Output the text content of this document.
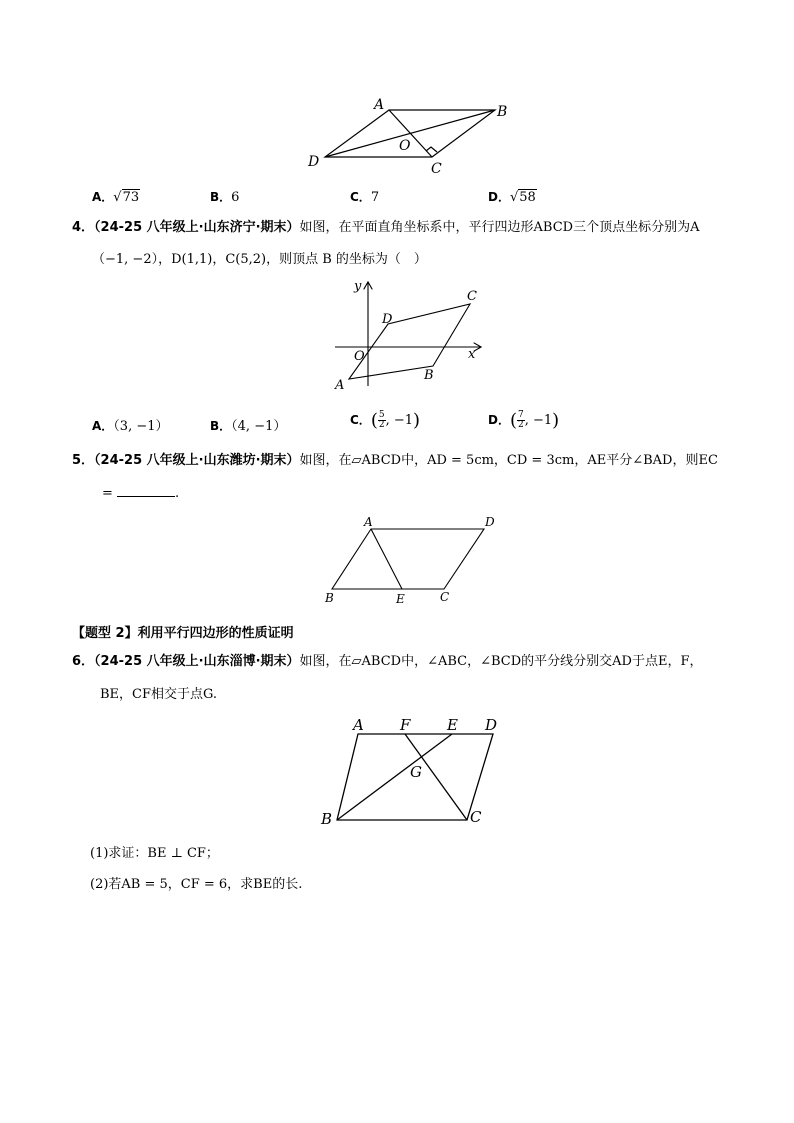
A	B
C
D
O
A．√73	B．6	C．7	D．√58
4．（24-25 八年级上·山东济宁·期末）如图，在平面直角坐标系中，平行四边形ABCD三个顶点坐标分别为A
（−1, −2），D(1,1)，C(5,2)，则顶点 B 的坐标为（　）
y
x
O
A
B
C
D
A．（3, −1）	B．（4, −1）	C．( $\frac{5}{2}$ , −1)	D．( $\frac{7}{2}$ , −1)
5．（24-25 八年级上·山东潍坊·期末）如图，在▱ABCD中，AD = 5cm，CD = 3cm，AE平分∠BAD，则EC
=	.
A	D
B	E	C
【题型 2】利用平行四边形的性质证明
6．（24-25 八年级上·山东淄博·期末）如图，在▱ABCD中，∠ABC，∠BCD的平分线分别交AD于点E，F，
BE，CF相交于点G.
A F E D
G
B	C
(1)求证：BE ⊥ CF；
(2)若AB = 5，CF = 6，求BE的长.
